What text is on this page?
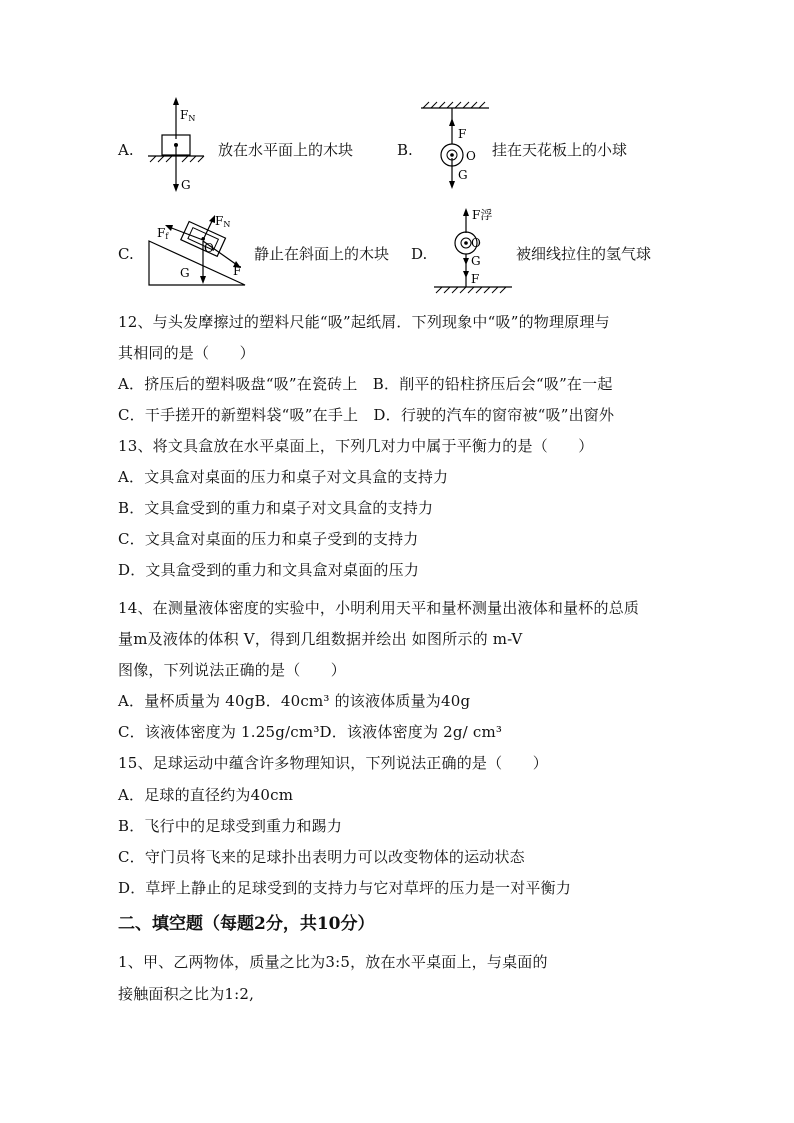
A.
FN
G
放在水平面上的木块	B.
F
O
G
挂在天花板上的小球
C.
Ff
FN
O
G	F
静止在斜面上的木块 D.
F浮
O
G
F
被细线拉住的氢气球
12、与头发摩擦过的塑料尺能“吸”起纸屑．下列现象中“吸”的物理原理与
其相同的是（　　）
A．挤压后的塑料吸盘“吸”在瓷砖上　B．削平的铅柱挤压后会“吸”在一起
C．干手搓开的新塑料袋“吸”在手上　D．行驶的汽车的窗帘被“吸”出窗外
13、将文具盒放在水平桌面上，下列几对力中属于平衡力的是（　　）
A．文具盒对桌面的压力和桌子对文具盒的支持力
B．文具盒受到的重力和桌子对文具盒的支持力
C．文具盒对桌面的压力和桌子受到的支持力
D．文具盒受到的重力和文具盒对桌面的压力
14、在测量液体密度的实验中，小明利用天平和量杯测量出液体和量杯的总质
量m及液体的体积 V，得到几组数据并绘出 如图所示的 m-V
图像，下列说法正确的是（　　）
A．量杯质量为 40gB．40cm³ 的该液体质量为40g
C．该液体密度为 1.25g/cm³D．该液体密度为 2g/ cm³
15、足球运动中蕴含许多物理知识，下列说法正确的是（　　）
A．足球的直径约为40cm
B．飞行中的足球受到重力和踢力
C．守门员将飞来的足球扑出表明力可以改变物体的运动状态
D．草坪上静止的足球受到的支持力与它对草坪的压力是一对平衡力
二、填空题（每题2分，共10分）
1、甲、乙两物体，质量之比为3:5，放在水平桌面上，与桌面的
接触面积之比为1:2,
